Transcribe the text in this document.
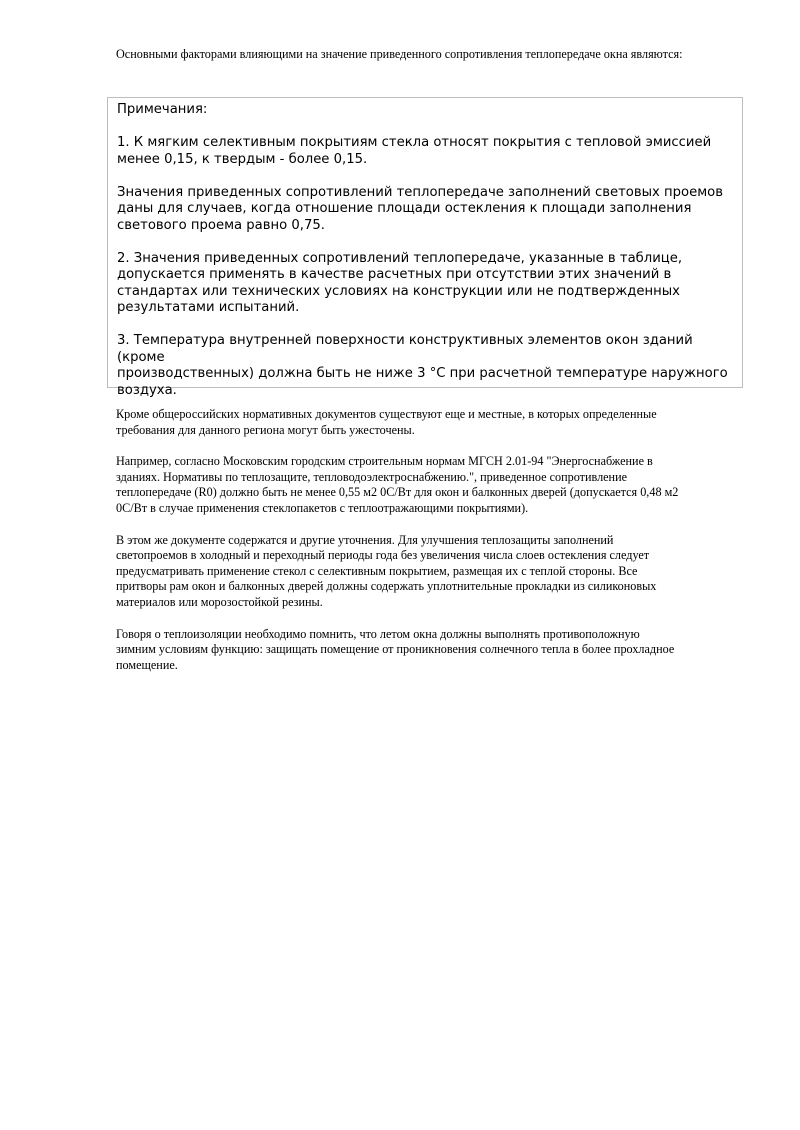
Основными факторами влияющими на значение приведенного сопротивления теплопередаче окна являются:

Примечания:

1. К мягким селективным покрытиям стекла относят покрытия с тепловой эмиссией
менее 0,15, к твердым - более 0,15.

Значения приведенных сопротивлений теплопередаче заполнений световых проемов
даны для случаев, когда отношение площади остекления к площади заполнения
светового проема равно 0,75.

2. Значения приведенных сопротивлений теплопередаче, указанные в таблице,
допускается применять в качестве расчетных при отсутствии этих значений в
стандартах или технических условиях на конструкции или не подтвержденных
результатами испытаний.

3. Температура внутренней поверхности конструктивных элементов окон зданий (кроме
производственных) должна быть не ниже 3 °С при расчетной температуре наружного
воздуха.

Кроме общероссийских нормативных документов существуют еще и местные, в которых определенные
требования для данного региона могут быть ужесточены.

Например, согласно Московским городским строительным нормам МГСН 2.01-94 "Энергоснабжение в
зданиях. Нормативы по теплозащите, тепловодоэлектроснабжению.", приведенное сопротивление
теплопередаче (R0) должно быть не менее 0,55 м2 0С/Вт для окон и балконных дверей (допускается 0,48 м2
0С/Вт в случае применения стеклопакетов с теплоотражающими покрытиями).

В этом же документе содержатся и другие уточнения. Для улучшения теплозащиты заполнений
светопроемов в холодный и переходный периоды года без увеличения числа слоев остекления следует
предусматривать применение стекол с селективным покрытием, размещая их с теплой стороны. Все
притворы рам окон и балконных дверей должны содержать уплотнительные прокладки из силиконовых
материалов или морозостойкой резины.

Говоря о теплоизоляции необходимо помнить, что летом окна должны выполнять противоположную
зимним условиям функцию: защищать помещение от проникновения солнечного тепла в более прохладное
помещение.
